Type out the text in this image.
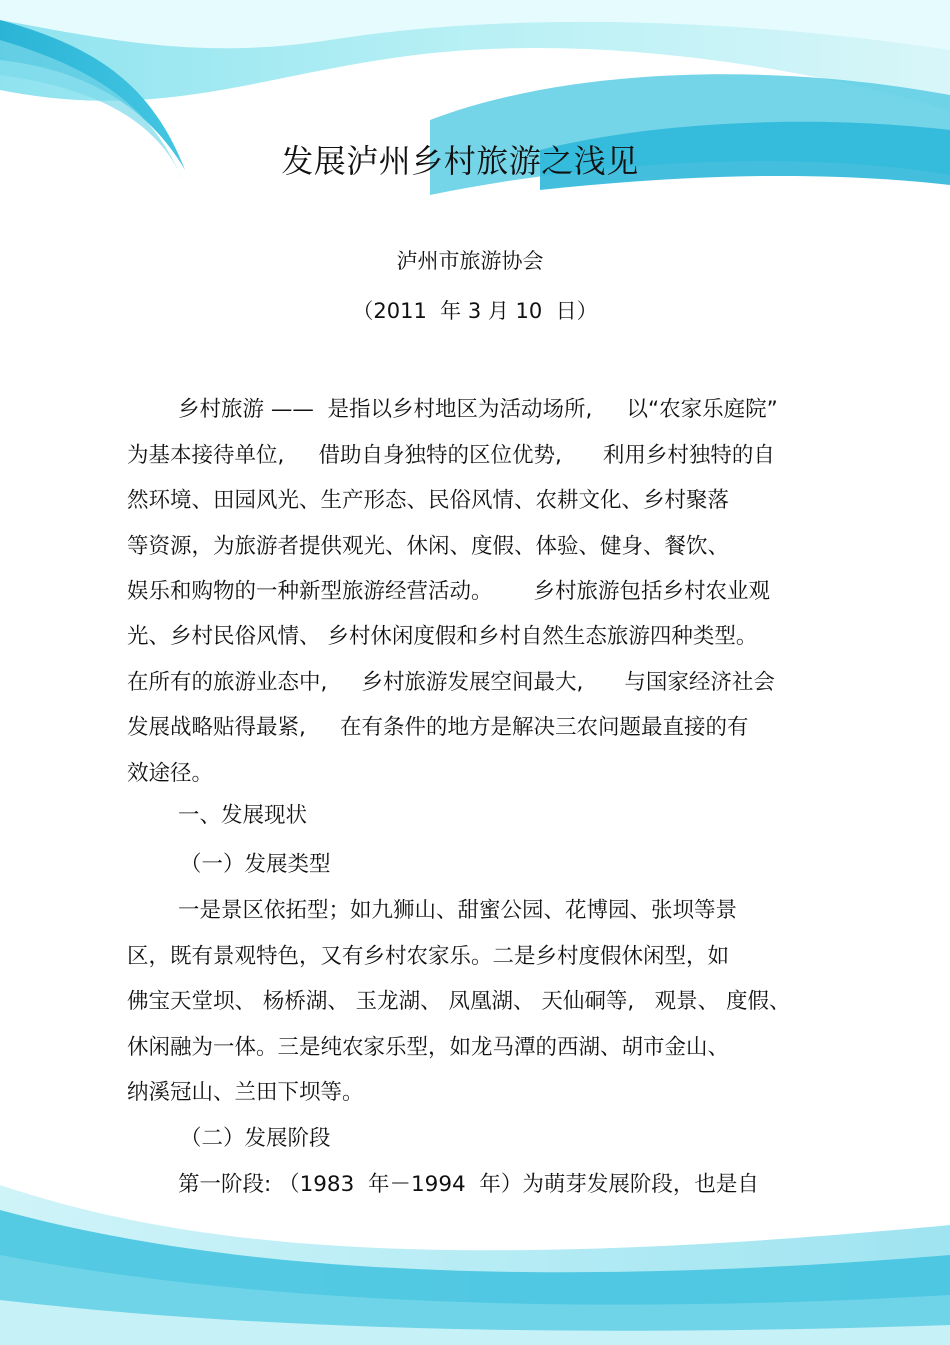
发展泸州乡村旅游之浅见
泸州市旅游协会
（2011  年 3 月 10  日）
乡村旅游 ——  是指以乡村地区为活动场所,     以“农家乐庭院”
为基本接待单位,     借助自身独特的区位优势,      利用乡村独特的自
然环境、田园风光、生产形态、民俗风情、农耕文化、乡村聚落
等资源，为旅游者提供观光、休闲、度假、体验、健身、餐饮、
娱乐和购物的一种新型旅游经营活动。      乡村旅游包括乡村农业观
光、乡村民俗风情、 乡村休闲度假和乡村自然生态旅游四种类型。
在所有的旅游业态中,     乡村旅游发展空间最大,      与国家经济社会
发展战略贴得最紧,     在有条件的地方是解决三农问题最直接的有
效途径。
一、发展现状
（一）发展类型
一是景区依拓型；如九狮山、甜蜜公园、花博园、张坝等景
区，既有景观特色，又有乡村农家乐。二是乡村度假休闲型，如
佛宝天堂坝、 杨桥湖、 玉龙湖、 凤凰湖、 天仙硐等,   观景、 度假、
休闲融为一体。三是纯农家乐型，如龙马潭的西湖、胡市金山、
纳溪冠山、兰田下坝等。
（二）发展阶段
第一阶段: （1983  年－1994  年）为萌芽发展阶段，也是自
